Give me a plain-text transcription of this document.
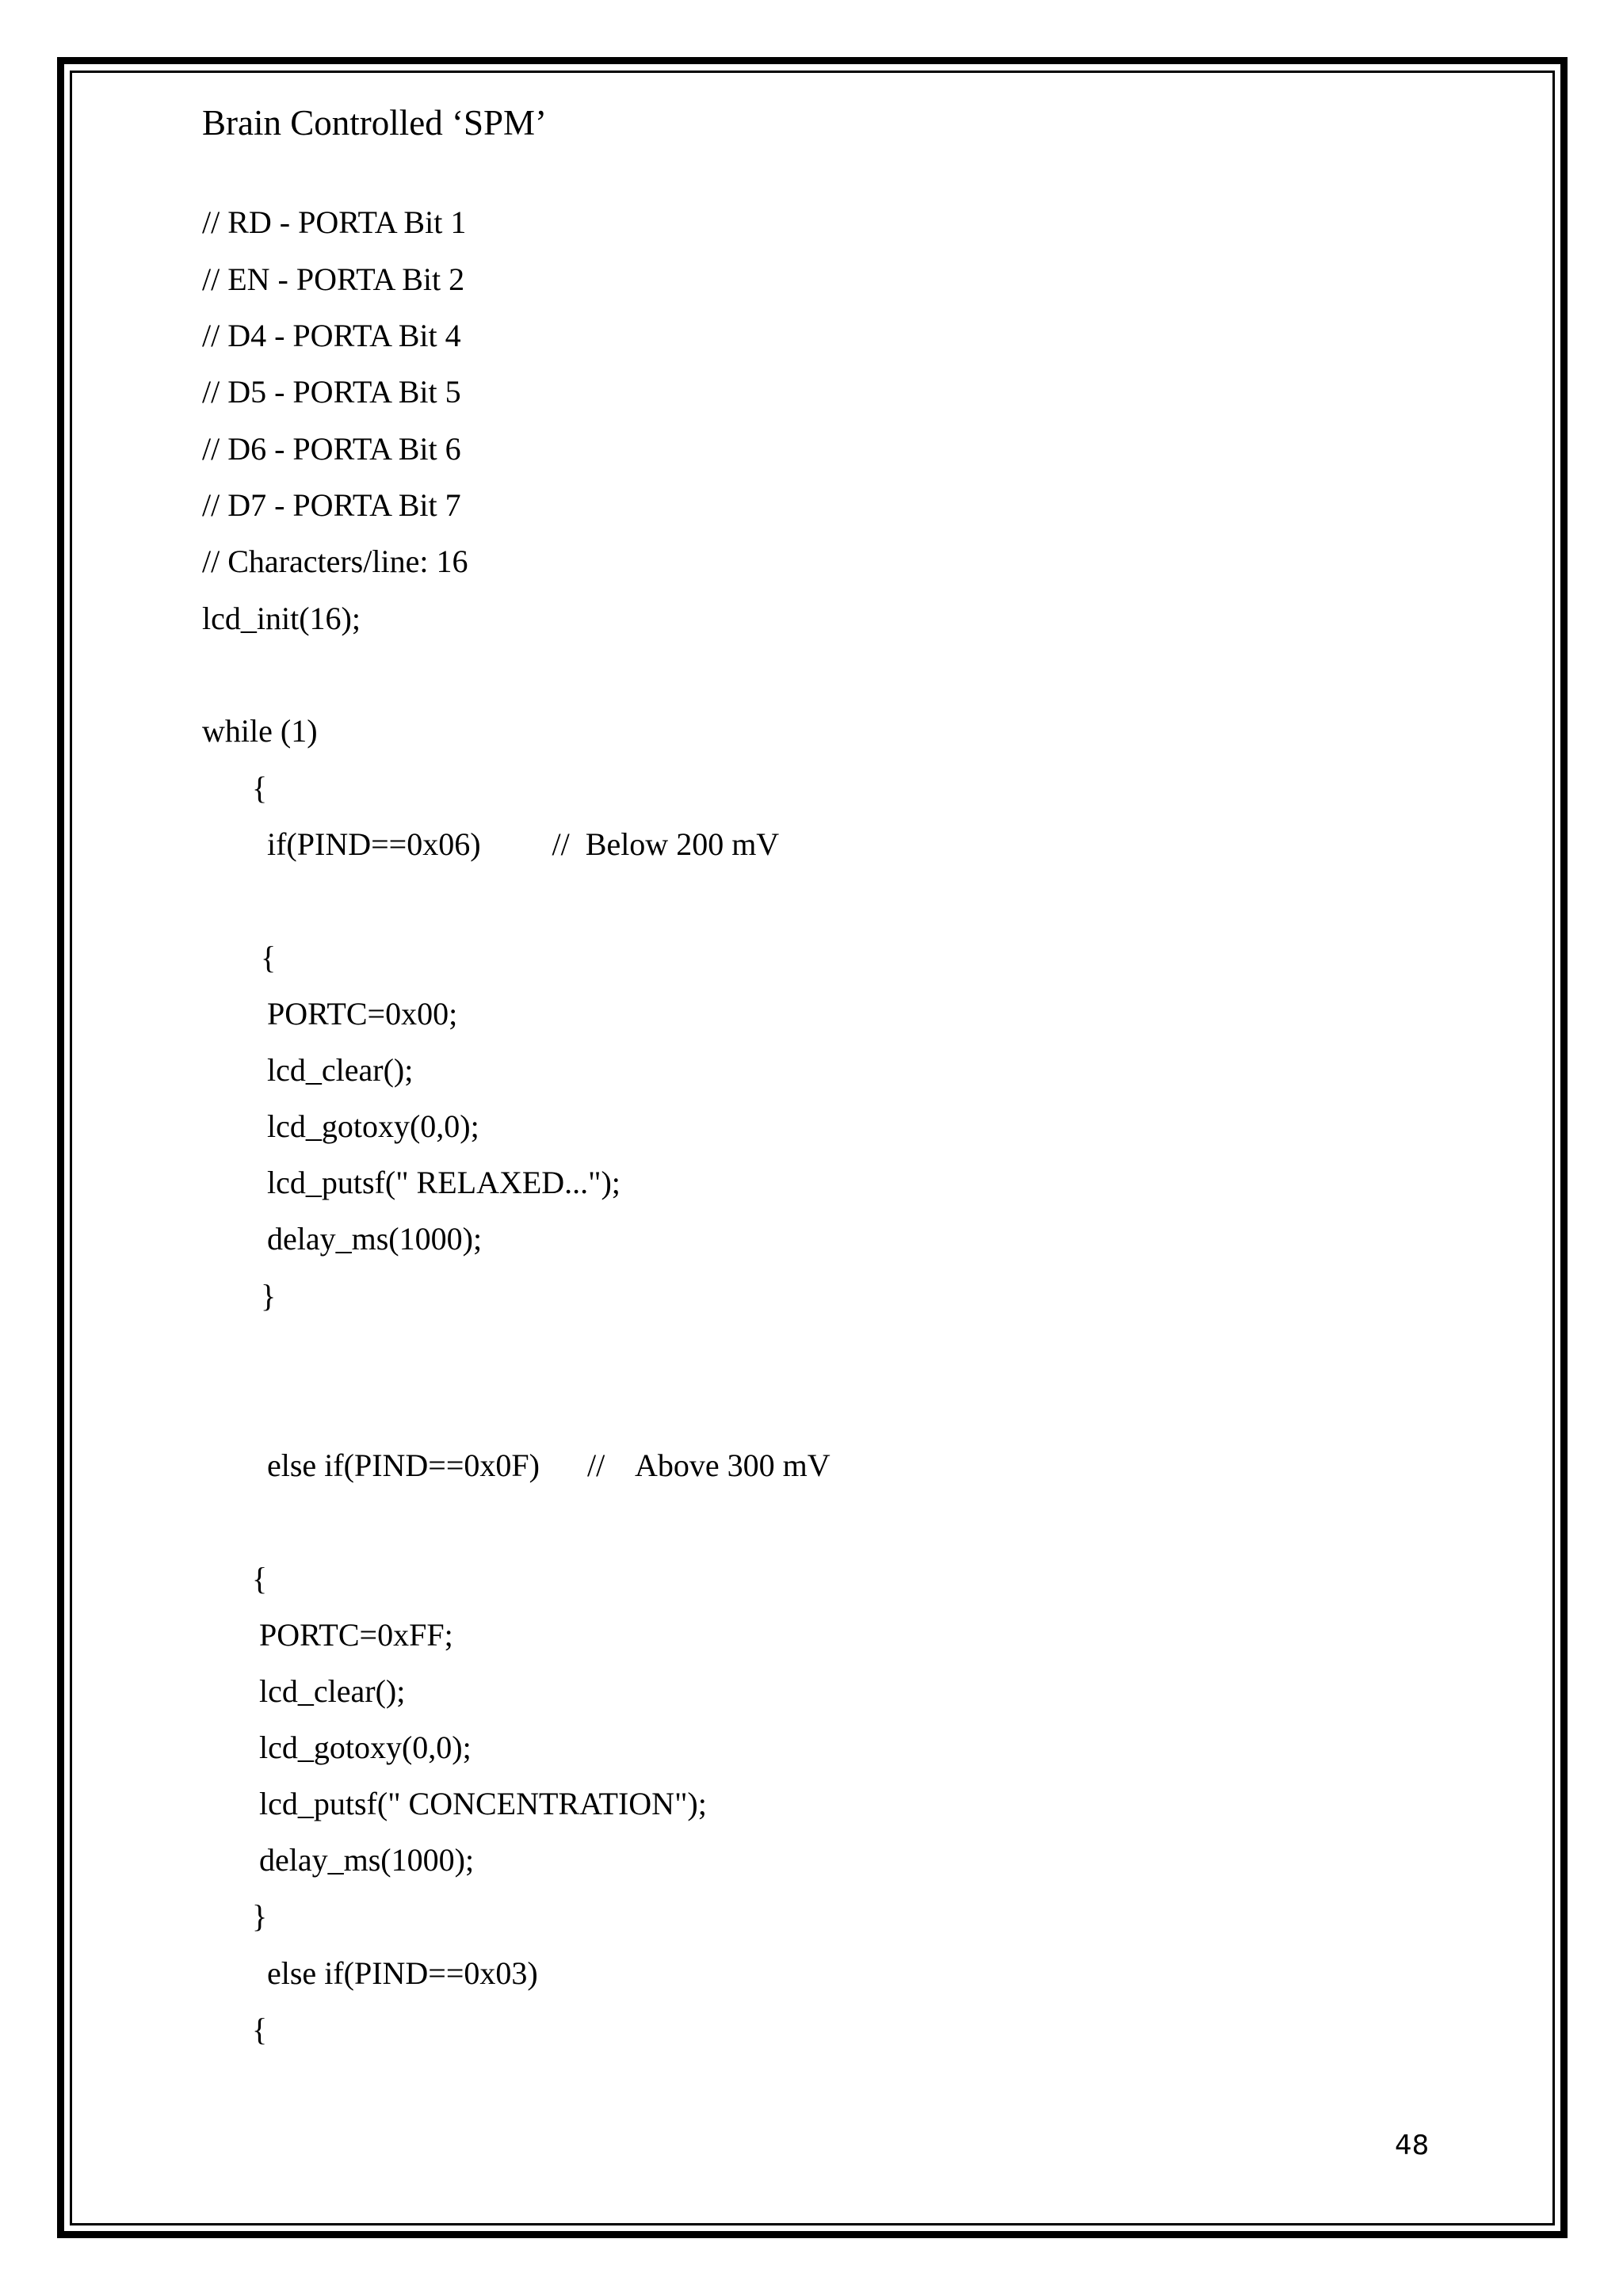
Brain Controlled ‘SPM’
// RD - PORTA Bit 1
// EN - PORTA Bit 2
// D4 - PORTA Bit 4
// D5 - PORTA Bit 5
// D6 - PORTA Bit 6
// D7 - PORTA Bit 7
// Characters/line: 16
lcd_init(16);
while (1)
{
if(PIND==0x06)         //  Below 200 mV
{
PORTC=0x00;
lcd_clear();
lcd_gotoxy(0,0);
lcd_putsf(" RELAXED...");
delay_ms(1000);
}
else if(PIND==0x0F)      //    Above 300 mV
{
PORTC=0xFF;
lcd_clear();
lcd_gotoxy(0,0);
lcd_putsf(" CONCENTRATION");
delay_ms(1000);
}
else if(PIND==0x03)
{
48
